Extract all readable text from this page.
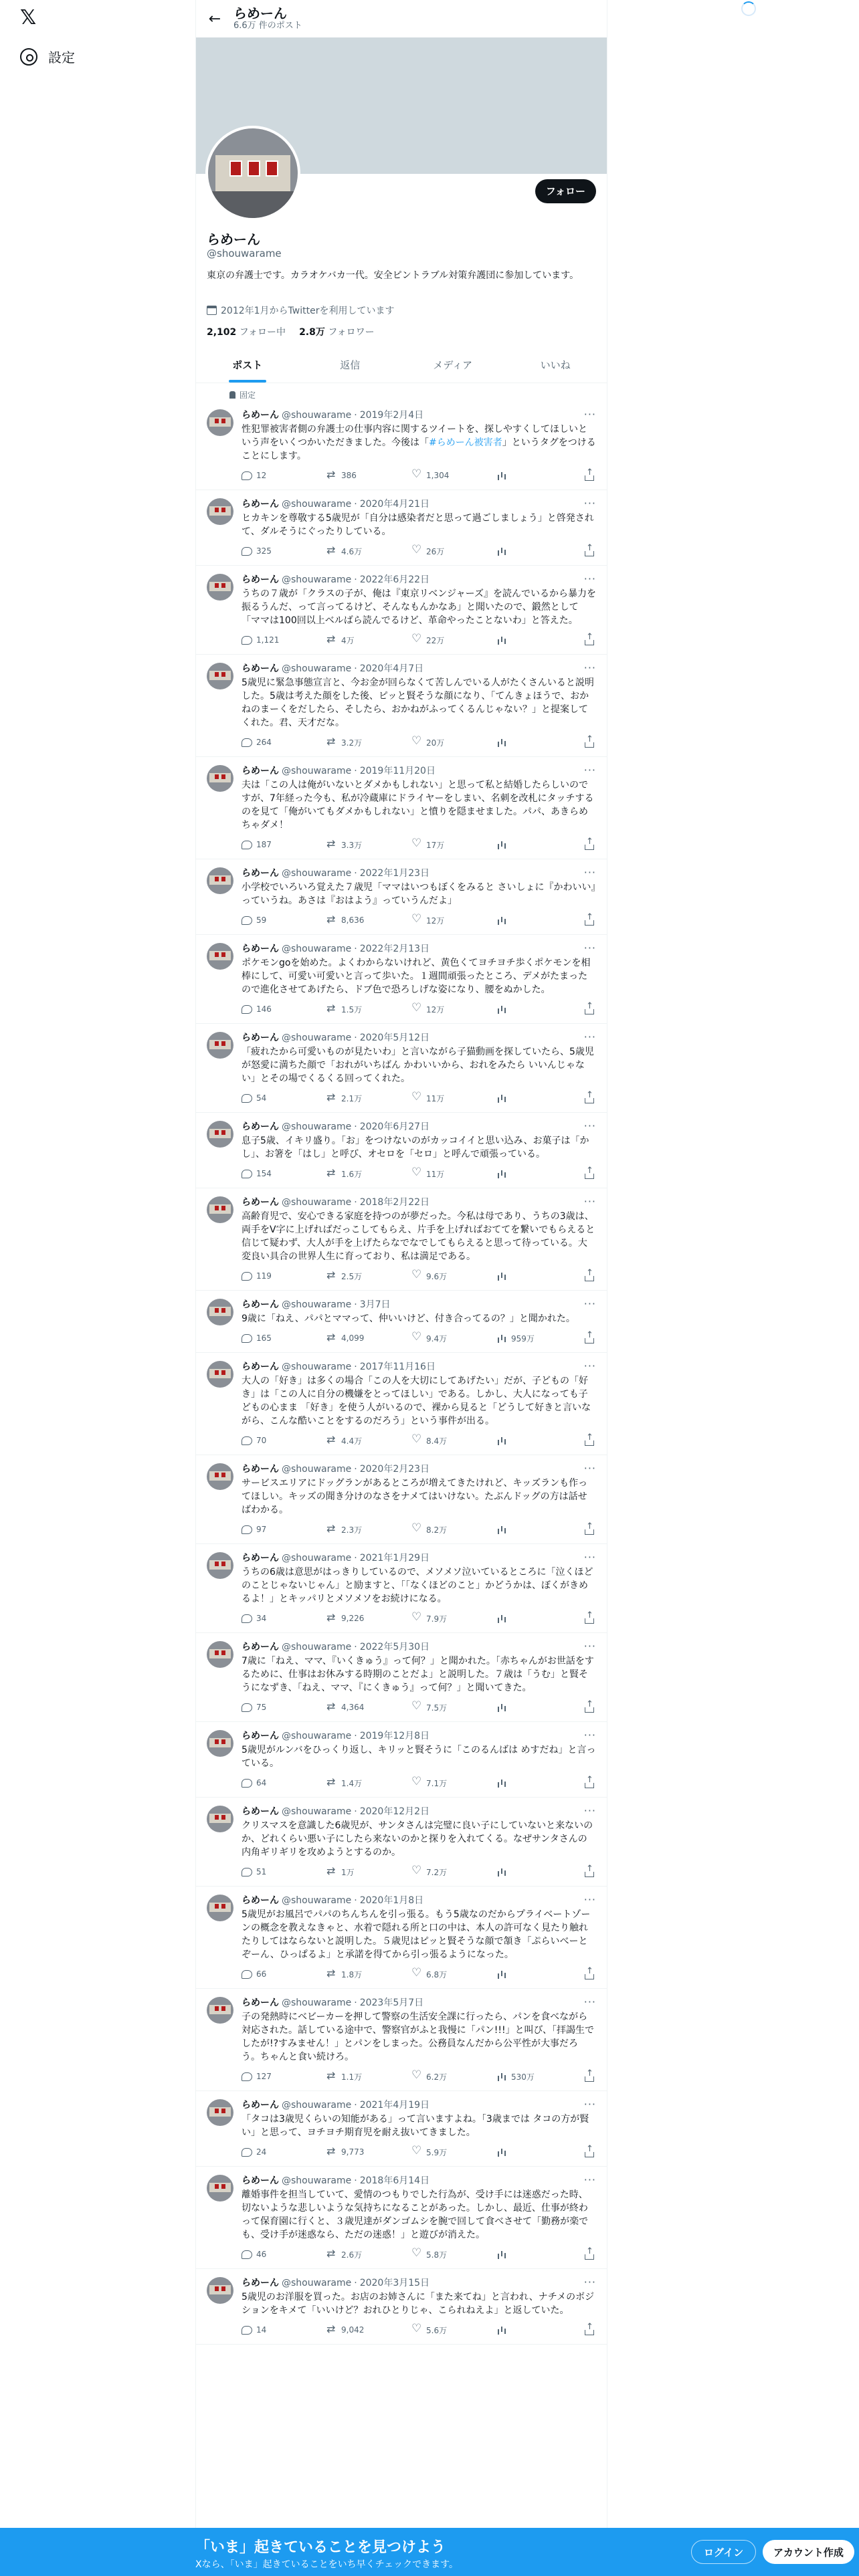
𝕏
設定
← らめーん
6.6万 件のポスト
フォロー
らめーん
@shouwarame
東京の弁護士です。カラオケバカ一代。安全ピントラブル対策弁護団に参加しています。
2012年1月からTwitterを利用しています
2,102 フォロー中 2.8万 フォロワー
ポスト	返信	メディア	いいね
固定
···
らめーん @shouwarame · 2019年2月4日
性犯罪被害者側の弁護士の仕事内容に関するツイートを、探しやすくしてほしいという声をいくつかいただきました。今後は「#らめーん被害者」というタグをつけることにします。
12 ⇄	386 ♡	1,304
↑
···
らめーん @shouwarame · 2020年4月21日
ヒカキンを尊敬する5歳児が「自分は感染者だと思って過ごしましょう」と啓発されて、ダルそうにぐったりしている。
325 ⇄	4.6万 ♡	26万
↑
···
らめーん @shouwarame · 2022年6月22日
うちの７歳が「クラスの子が、俺は『東京リベンジャーズ』を読んでいるから暴力を振るうんだ、って言ってるけど、そんなもんかなあ」と聞いたので、鍛然として「ママは100回以上ベルばら読んでるけど、革命やったことないわ」と答えた。
1,121 ⇄	4万 ♡	22万
↑
···
らめーん @shouwarame · 2020年4月7日
5歳児に緊急事態宣言と、今お金が回らなくて苦しんでいる人がたくさんいると説明した。5歳は考えた顔をした後、ピッと賢そうな顔になり、「てんきょほうで、おかねのまーくをだしたら、そしたら、おかねがふってくるんじゃない？」と提案してくれた。君、天才だな。
264 ⇄	3.2万 ♡	20万
↑
···
らめーん @shouwarame · 2019年11月20日
夫は「この人は俺がいないとダメかもしれない」と思って私と結婚したらしいのですが、7年経った今も、私が冷蔵庫にドライヤーをしまい、名刺を改札にタッチするのを見て「俺がいてもダメかもしれない」と憤りを隠ませました。パパ、あきらめちゃダメ！
187 ⇄	3.3万 ♡	17万
↑
···
らめーん @shouwarame · 2022年1月23日
小学校でいろいろ覚えた７歳児「ママはいつもぼくをみると さいしょに『かわいい』っていうね。あさは『おはよう』っていうんだよ」
59 ⇄	8,636 ♡	12万
↑
···
らめーん @shouwarame · 2022年2月13日
ポケモンgoを始めた。よくわからないけれど、黄色くてヨチヨチ歩くポケモンを相棒にして、可愛い可愛いと言って歩いた。１週間頑張ったところ、デメがたまったので進化させてあげたら、ドブ色で恐ろしげな姿になり、腰をぬかした。
146 ⇄	1.5万 ♡	12万
↑
···
らめーん @shouwarame · 2020年5月12日
「疲れたから可愛いものが見たいわ」と言いながら子猫動画を探していたら、5歳児が怒愛に満ちた顔で「おれがいちばん かわいいから、おれをみたら いいんじゃない」とその場でくるくる回ってくれた。
54 ⇄	2.1万 ♡	11万
↑
···
らめーん @shouwarame · 2020年6月27日
息子5歳、イキリ盛り。「お」をつけないのがカッコイイと思い込み、お菓子は「かし」、お箸を「はし」と呼び、オセロを「セロ」と呼んで頑張っている。
154 ⇄	1.6万 ♡	11万
↑
···
らめーん @shouwarame · 2018年2月22日
高齢育児で、安心できる家庭を持つのが夢だった。今私は母であり、うちの3歳は、両手をV字に上げればだっこしてもらえ、片手を上げればおててを繋いでもらえると信じて疑わず、大人が手を上げたらなでなでしてもらえると思って待っている。大変良い具合の世界人生に育っており、私は満足である。
119 ⇄	2.5万 ♡	9.6万
↑
···
らめーん @shouwarame · 3月7日
9歳に「ねえ、パパとママって、仲いいけど、付き合ってるの？」と聞かれた。
165 ⇄	4,099 ♡	9.4万	959万
↑
···
らめーん @shouwarame · 2017年11月16日
大人の「好き」は多くの場合「この人を大切にしてあげたい」だが、子どもの「好き」は「この人に自分の機嫌をとってほしい」である。しかし、大人になっても子どもの心まま 「好き」を使う人がいるので、裸から見ると「どうして好きと言いながら、こんな酷いことをするのだろう」という事件が出る。
70 ⇄	4.4万 ♡	8.4万
↑
···
らめーん @shouwarame · 2020年2月23日
サービスエリアにドッグランがあるところが増えてきたけれど、キッズランも作ってほしい。キッズの聞き分けのなさをナメてはいけない。たぶんドッグの方は話せばわかる。
97 ⇄	2.3万 ♡	8.2万
↑
···
らめーん @shouwarame · 2021年1月29日
うちの6歳は意思がはっきりしているので、メソメソ泣いているところに「泣くほどのことじゃないじゃん」と励ますと、「「なくほどのこと」かどうかは、ぼくがきめるよ！」とキッパリとメソメソをお続けになる。
34 ⇄	9,226 ♡	7.9万
↑
···
らめーん @shouwarame · 2022年5月30日
7歳に「ねえ、ママ、『いくきゅう』って何？」と聞かれた。「赤ちゃんがお世話をするために、仕事はお休みする時期のことだよ」と説明した。７歳は「うむ」と賢そうになずき、「ねえ、ママ、『にくきゅう』って何？」と聞いてきた。
75 ⇄	4,364 ♡	7.5万
↑
···
らめーん @shouwarame · 2019年12月8日
5歳児がルンバをひっくり返し、キリッと賢そうに「このるんばは めすだね」と言っている。
64 ⇄	1.4万 ♡	7.1万
↑
···
らめーん @shouwarame · 2020年12月2日
クリスマスを意識した6歳児が、サンタさんは完璧に良い子にしていないと来ないのか、どれくらい悪い子にしたら来ないのかと探りを入れてくる。なぜサンタさんの内角ギリギリを攻めようとするのか。
51 ⇄	1万 ♡	7.2万
↑
···
らめーん @shouwarame · 2020年1月8日
5歳児がお風呂でパパのちんちんを引っ張る。もう5歳なのだからプライベートゾーンの概念を教えなきゃと、水着で隠れる所と口の中は、本人の許可なく見たり触れたりしてはならないと説明した。５歳児はピッと賢そうな顔で頷き「ぷらいべーとぞーん、ひっぱるよ」と承諾を得てから引っ張るようになった。
66 ⇄	1.8万 ♡	6.8万
↑
···
らめーん @shouwarame · 2023年5月7日
子の発熱時にベビーカーを押して警察の生活安全課に行ったら、パンを食べながら対応された。話している途中で、警察官がふと我慢に「パン!!!」と叫び、「拝謁生でしたが!?すみません！」とパンをしまった。公務員なんだから公平性が大事だろう。ちゃんと食い続けろ。
127 ⇄	1.1万 ♡	6.2万	530万
↑
···
らめーん @shouwarame · 2021年4月19日
「タコは3歳児くらいの知能がある」って言いますよね。「3歳までは タコの方が賢い」と思って、ヨチヨチ期育児を耐え抜いてきました。
24 ⇄	9,773 ♡	5.9万
↑
···
らめーん @shouwarame · 2018年6月14日
離婚事件を担当していて、愛情のつもりでした行為が、受け手には迷惑だった時、切ないような悲しいような気持ちになることがあった。しかし、最近、仕事が終わって保育園に行くと、３歳児達がダンゴムシを腕で回して食べさせて「勤務が楽でも、受け手が迷惑なら、ただの迷惑！」と遊びが消えた。
46 ⇄	2.6万 ♡	5.8万
↑
···
らめーん @shouwarame · 2020年3月15日
5歳児のお洋服を買った。お店のお姉さんに「また来てね」と言われ、ナチメのボジションをキメて「いいけど？おれひとりじゃ、こられねえよ」と返していた。
14 ⇄	9,042 ♡	5.6万
↑
「いま」起きていることを見つけよう
Xなら、「いま」起きていることをいち早くチェックできます。
ログイン	アカウント作成
